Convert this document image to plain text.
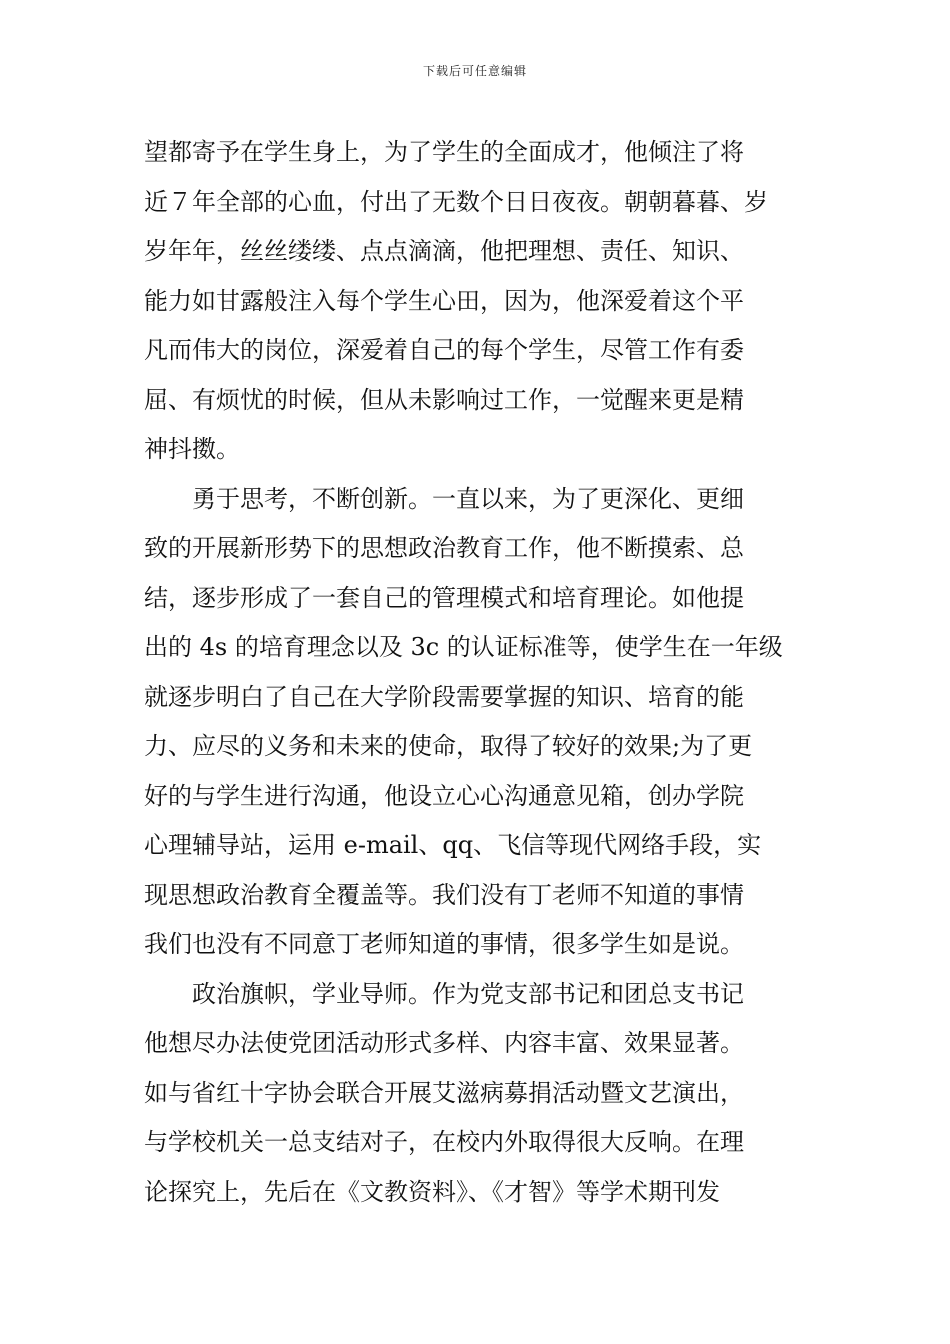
下载后可任意编辑
望都寄予在学生身上，为了学生的全面成才，他倾注了将
近７年全部的心血，付出了无数个日日夜夜。朝朝暮暮、岁
岁年年，丝丝缕缕、点点滴滴，他把理想、责任、知识、
能力如甘露般注入每个学生心田，因为，他深爱着这个平
凡而伟大的岗位，深爱着自己的每个学生，尽管工作有委
屈、有烦忧的时候，但从未影响过工作，一觉醒来更是精
神抖擞。
勇于思考，不断创新。一直以来，为了更深化、更细
致的开展新形势下的思想政治教育工作，他不断摸索、总
结，逐步形成了一套自己的管理模式和培育理论。如他提
出的 4s 的培育理念以及 3c 的认证标准等，使学生在一年级
就逐步明白了自己在大学阶段需要掌握的知识、培育的能
力、应尽的义务和未来的使命，取得了较好的效果;为了更
好的与学生进行沟通，他设立心心沟通意见箱，创办学院
心理辅导站，运用 e-mail、qq、飞信等现代网络手段，实
现思想政治教育全覆盖等。我们没有丁老师不知道的事情
我们也没有不同意丁老师知道的事情，很多学生如是说。
政治旗帜，学业导师。作为党支部书记和团总支书记
他想尽办法使党团活动形式多样、内容丰富、效果显著。
如与省红十字协会联合开展艾滋病募捐活动暨文艺演出，
与学校机关一总支结对子，在校内外取得很大反响。在理
论探究上，先后在《文教资料》、《才智》等学术期刊发
